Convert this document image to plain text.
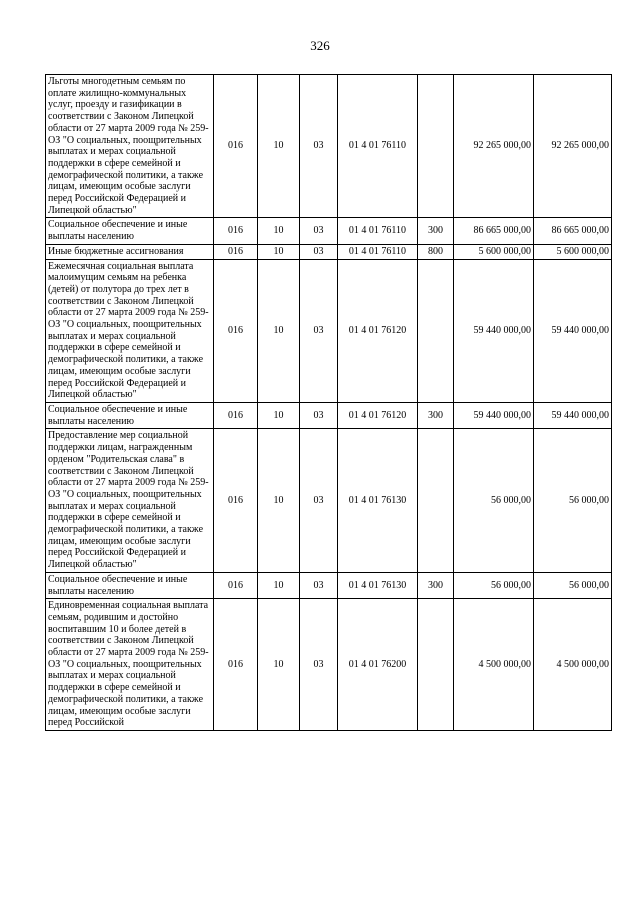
326
Льготы многодетным семьям по оплате жилищно-коммунальных услуг, проезду и газификации в соответствии с Законом Липецкой области от 27 марта 2009 года № 259-ОЗ "О социальных, поощрительных выплатах и мерах социальной поддержки в сфере семейной и демографической политики, а также лицам, имеющим особые заслуги перед Российской Федерацией и Липецкой областью"	016	10	03	01 4 01 76110		92 265 000,00	92 265 000,00
Социальное обеспечение и иные выплаты населению	016	10	03	01 4 01 76110	300	86 665 000,00	86 665 000,00
Иные бюджетные ассигнования	016	10	03	01 4 01 76110	800	5 600 000,00	5 600 000,00
Ежемесячная социальная выплата малоимущим семьям на ребенка (детей) от полутора до трех лет в соответствии с Законом Липецкой области от 27 марта 2009 года № 259-ОЗ "О социальных, поощрительных выплатах и мерах социальной поддержки в сфере семейной и демографической политики, а также лицам, имеющим особые заслуги перед Российской Федерацией и Липецкой областью"	016	10	03	01 4 01 76120		59 440 000,00	59 440 000,00
Социальное обеспечение и иные выплаты населению	016	10	03	01 4 01 76120	300	59 440 000,00	59 440 000,00
Предоставление мер социальной поддержки лицам, награжденным орденом "Родительская слава" в соответствии с Законом Липецкой области от 27 марта 2009 года № 259-ОЗ "О социальных, поощрительных выплатах и мерах социальной поддержки в сфере семейной и демографической политики, а также лицам, имеющим особые заслуги перед Российской Федерацией и Липецкой областью"	016	10	03	01 4 01 76130		56 000,00	56 000,00
Социальное обеспечение и иные выплаты населению	016	10	03	01 4 01 76130	300	56 000,00	56 000,00
Единовременная социальная выплата семьям, родившим и достойно воспитавшим 10 и более детей в соответствии с Законом Липецкой области от 27 марта 2009 года № 259-ОЗ "О социальных, поощрительных выплатах и мерах социальной поддержки в сфере семейной и демографической политики, а также лицам, имеющим особые заслуги перед Российской	016	10	03	01 4 01 76200		4 500 000,00	4 500 000,00
